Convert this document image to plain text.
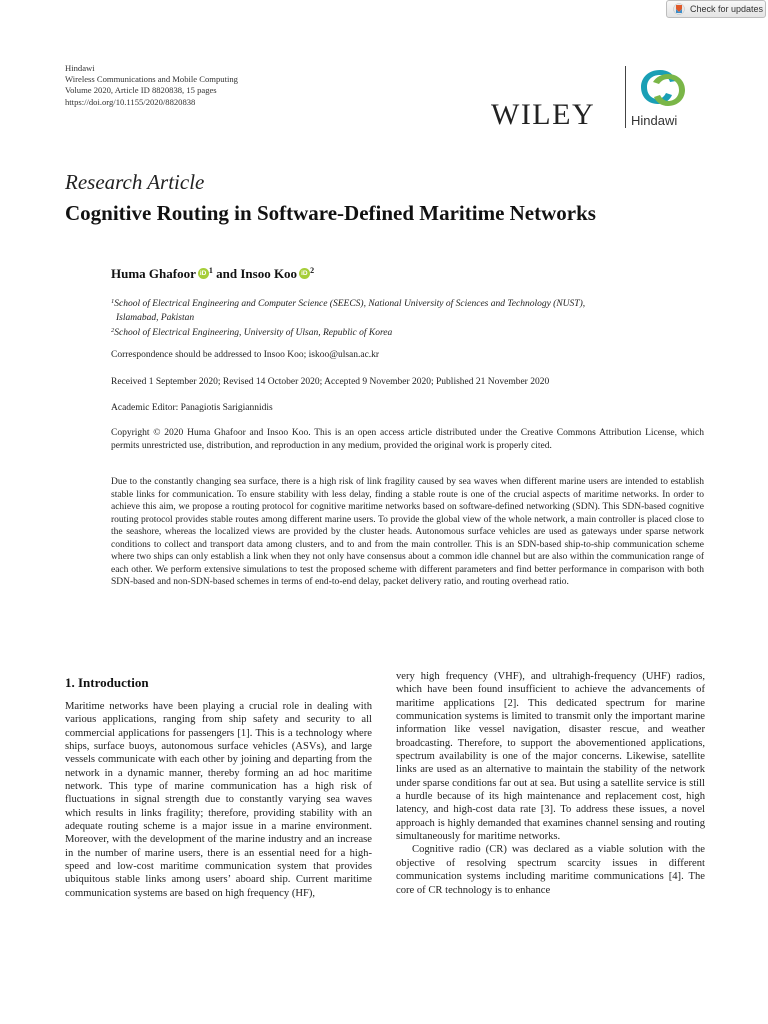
Check for updates
Hindawi
Wireless Communications and Mobile Computing
Volume 2020, Article ID 8820838, 15 pages
https://doi.org/10.1155/2020/8820838	WILEY	Hindawi
Research Article
Cognitive Routing in Software-Defined Maritime Networks
Huma Ghafoor iD $^1$ and Insoo Koo iD $^2$
$^1$School of Electrical Engineering and Computer Science (SEECS), National University of Sciences and Technology (NUST),
Islamabad, Pakistan
$^2$School of Electrical Engineering, University of Ulsan, Republic of Korea
Correspondence should be addressed to Insoo Koo; iskoo@ulsan.ac.kr
Received 1 September 2020; Revised 14 October 2020; Accepted 9 November 2020; Published 21 November 2020
Academic Editor: Panagiotis Sarigiannidis
Copyright © 2020 Huma Ghafoor and Insoo Koo. This is an open access article distributed under the Creative Commons Attribution License, which permits unrestricted use, distribution, and reproduction in any medium, provided the original work is properly cited.
Due to the constantly changing sea surface, there is a high risk of link fragility caused by sea waves when different marine users are intended to establish stable links for communication. To ensure stability with less delay, finding a stable route is one of the crucial aspects of maritime networks. In order to achieve this aim, we propose a routing protocol for cognitive maritime networks based on software-defined networking (SDN). This SDN-based cognitive routing protocol provides stable routes among different marine users. To provide the global view of the whole network, a main controller is placed close to the seashore, whereas the localized views are provided by the cluster heads. Autonomous surface vehicles are used as gateways under sparse network conditions to collect and transport data among clusters, and to and from the main controller. This is an SDN-based ship-to-ship communication scheme where two ships can only establish a link when they not only have consensus about a common idle channel but are also within the communication range of each other. We perform extensive simulations to test the proposed scheme with different parameters and find better performance in comparison with both SDN-based and non-SDN-based schemes in terms of end-to-end delay, packet delivery ratio, and routing overhead ratio.
1. Introduction
Maritime networks have been playing a crucial role in dealing with various applications, ranging from ship safety and security to all commercial applications for passengers [1]. This is a technology where ships, surface buoys, autonomous surface vehicles (ASVs), and large vessels communicate with each other by joining and departing from the network in a dynamic manner, thereby forming an ad hoc maritime network. This type of marine communication has a high risk of fluctuations in signal strength due to constantly varying sea waves which results in links fragility; therefore, providing stability with an adequate routing scheme is a major issue in a marine environment. Moreover, with the development of the marine industry and an increase in the number of marine users, there is an essential need for a high-speed and low-cost maritime communication system that provides ubiquitous stable links among users’ aboard ship. Current maritime communication systems are based on high frequency (HF),
very high frequency (VHF), and ultrahigh-frequency (UHF) radios, which have been found insufficient to achieve the advancements of maritime applications [2]. This dedicated spectrum for marine communication systems is limited to transmit only the important marine information like vessel navigation, disaster rescue, and weather broadcasting. Therefore, to support the abovementioned applications, spectrum availability is one of the major concerns. Likewise, satellite links are used as an alternative to maintain the stability of the network under sparse conditions far out at sea. But using a satellite service is still a hurdle because of its high maintenance and replacement cost, high latency, and high-cost data rate [3]. To address these issues, a novel approach is highly demanded that examines channel sensing and routing simultaneously for maritime networks.
Cognitive radio (CR) was declared as a viable solution with the objective of resolving spectrum scarcity issues in different communication systems including maritime communications [4]. The core of CR technology is to enhance
